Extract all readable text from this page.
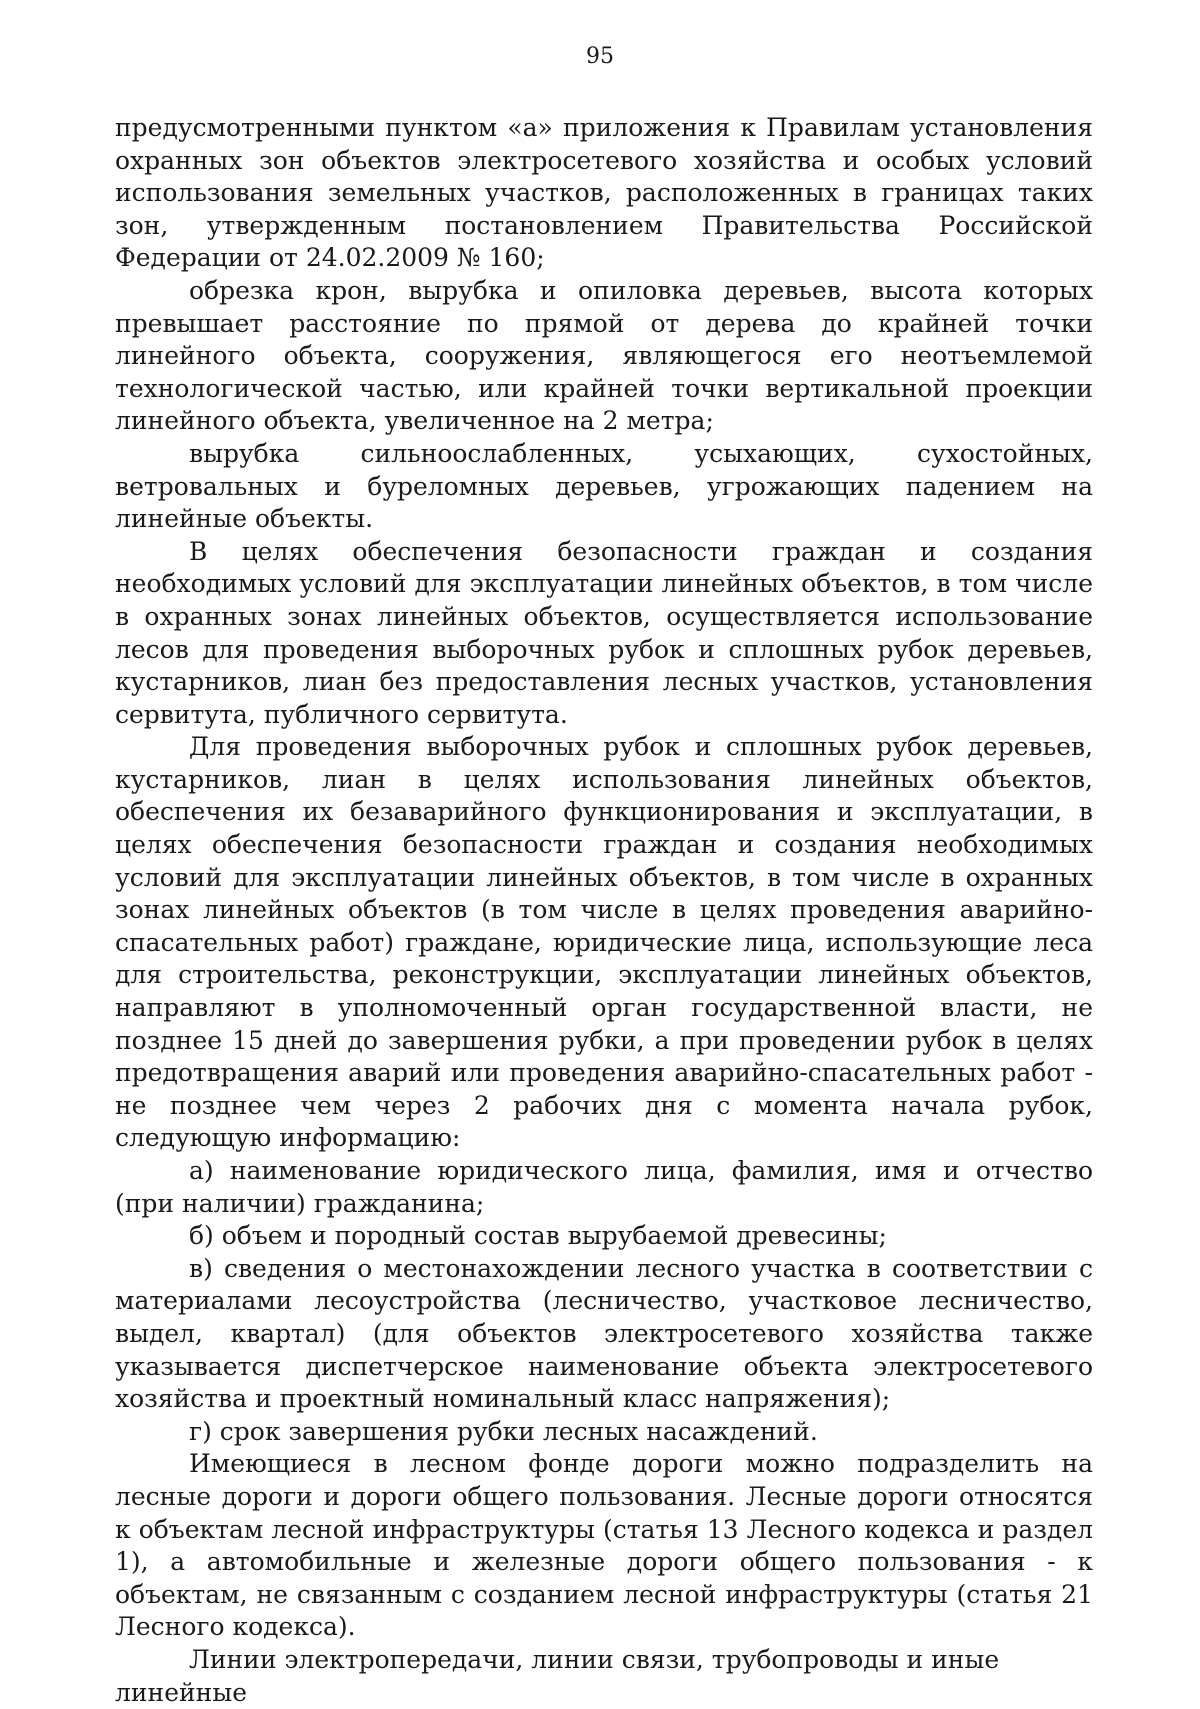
95

предусмотренными пунктом «а» приложения к Правилам установления охранных зон объектов электросетевого хозяйства и особых условий использования земельных участков, расположенных в границах таких зон, утвержденным постановлением Правительства Российской Федерации от 24.02.2009 № 160;

обрезка крон, вырубка и опиловка деревьев, высота которых превышает расстояние по прямой от дерева до крайней точки линейного объекта, сооружения, являющегося его неотъемлемой технологической частью, или крайней точки вертикальной проекции линейного объекта, увеличенное на 2 метра;

вырубка сильноослабленных, усыхающих, сухостойных, ветровальных и буреломных деревьев, угрожающих падением на линейные объекты.

В целях обеспечения безопасности граждан и создания необходимых условий для эксплуатации линейных объектов, в том числе в охранных зонах линейных объектов, осуществляется использование лесов для проведения выборочных рубок и сплошных рубок деревьев, кустарников, лиан без предоставления лесных участков, установления сервитута, публичного сервитута.

Для проведения выборочных рубок и сплошных рубок деревьев, кустарников, лиан в целях использования линейных объектов, обеспечения их безаварийного функционирования и эксплуатации, в целях обеспечения безопасности граждан и создания необходимых условий для эксплуатации линейных объектов, в том числе в охранных зонах линейных объектов (в том числе в целях проведения аварийно-спасательных работ) граждане, юридические лица, использующие леса для строительства, реконструкции, эксплуатации линейных объектов, направляют в уполномоченный орган государственной власти, не позднее 15 дней до завершения рубки, а при проведении рубок в целях предотвращения аварий или проведения аварийно-спасательных работ - не позднее чем через 2 рабочих дня с момента начала рубок, следующую информацию:

а) наименование юридического лица, фамилия, имя и отчество (при наличии) гражданина;

б) объем и породный состав вырубаемой древесины;

в) сведения о местонахождении лесного участка в соответствии с материалами лесоустройства (лесничество, участковое лесничество, выдел, квартал) (для объектов электросетевого хозяйства также указывается диспетчерское наименование объекта электросетевого хозяйства и проектный номинальный класс напряжения);

г) срок завершения рубки лесных насаждений.

Имеющиеся в лесном фонде дороги можно подразделить на лесные дороги и дороги общего пользования. Лесные дороги относятся к объектам лесной инфраструктуры (статья 13 Лесного кодекса и раздел 1), а автомобильные и железные дороги общего пользования - к объектам, не связанным с созданием лесной инфраструктуры (статья 21 Лесного кодекса).

Линии электропередачи, линии связи, трубопроводы и иные линейные
